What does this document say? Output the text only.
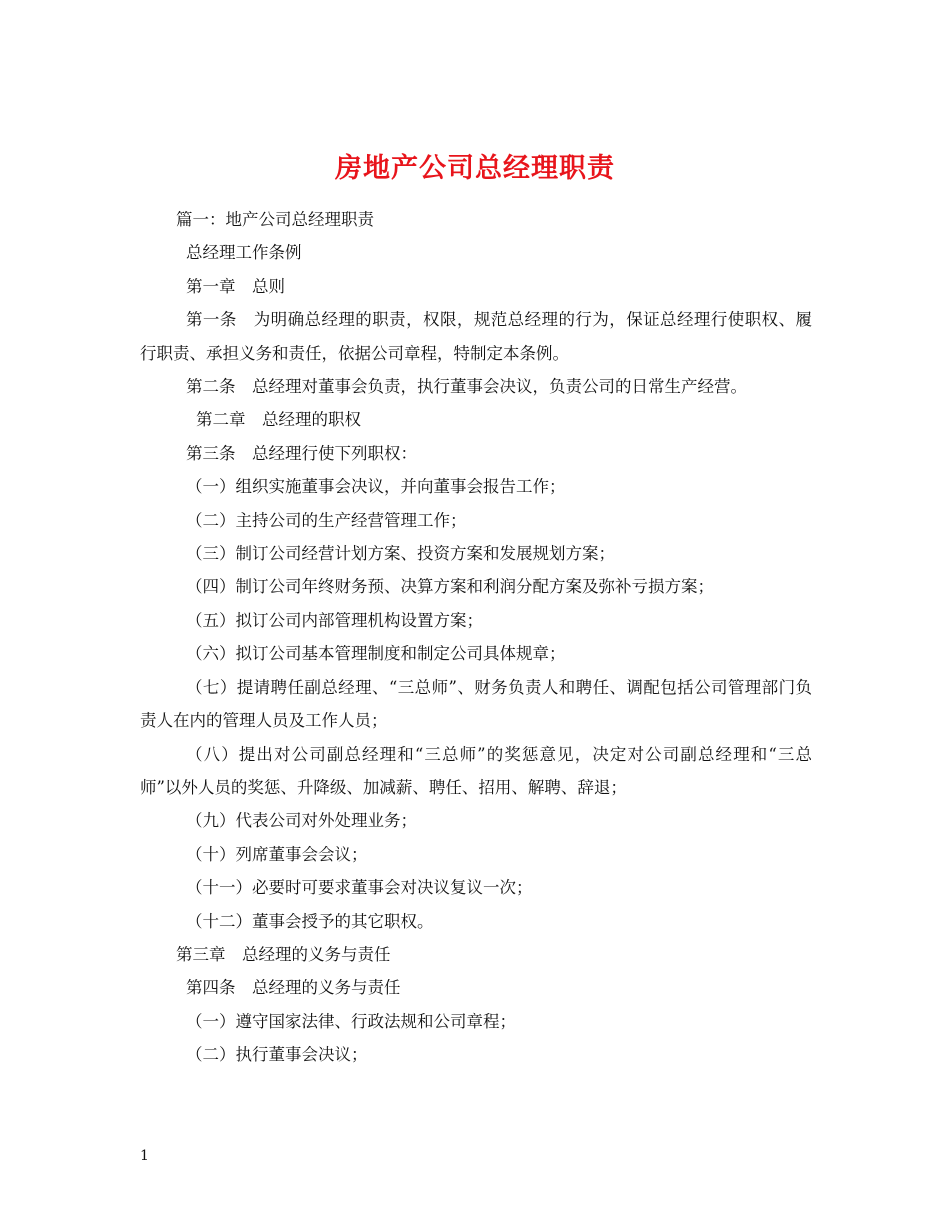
房地产公司总经理职责

篇一：地产公司总经理职责

总经理工作条例

第一章　总则

第一条　为明确总经理的职责，权限，规范总经理的行为，保证总经理行使职权、履行职责、承担义务和责任，依据公司章程，特制定本条例。

第二条　总经理对董事会负责，执行董事会决议，负责公司的日常生产经营。

第二章　总经理的职权

第三条　总经理行使下列职权：

（一）组织实施董事会决议，并向董事会报告工作；

（二）主持公司的生产经营管理工作；

（三）制订公司经营计划方案、投资方案和发展规划方案；

（四）制订公司年终财务预、决算方案和利润分配方案及弥补亏损方案；

（五）拟订公司内部管理机构设置方案；

（六）拟订公司基本管理制度和制定公司具体规章；

（七）提请聘任副总经理、“三总师”、财务负责人和聘任、调配包括公司管理部门负责人在内的管理人员及工作人员；

（八）提出对公司副总经理和“三总师”的奖惩意见，决定对公司副总经理和“三总师”以外人员的奖惩、升降级、加减薪、聘任、招用、解聘、辞退；

（九）代表公司对外处理业务；

（十）列席董事会会议；

（十一）必要时可要求董事会对决议复议一次；

（十二）董事会授予的其它职权。

第三章　总经理的义务与责任

第四条　总经理的义务与责任

（一）遵守国家法律、行政法规和公司章程；

（二）执行董事会决议；

1
